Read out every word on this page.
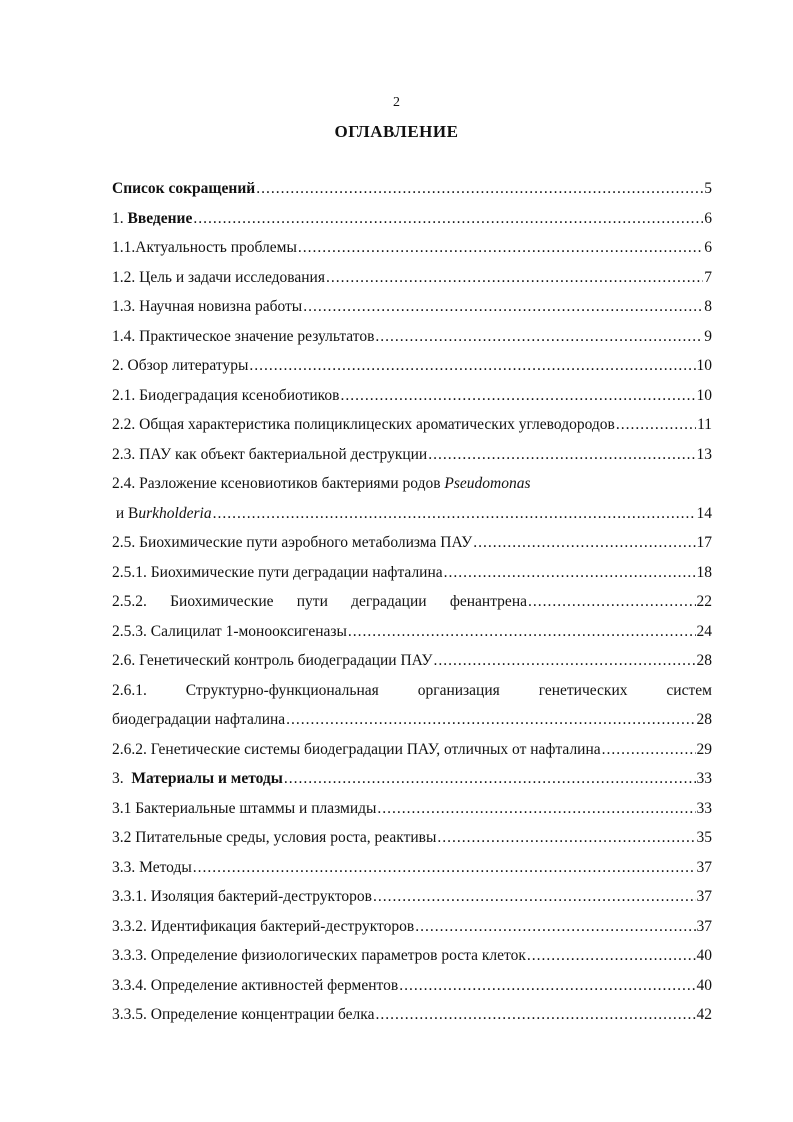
2
ОГЛАВЛЕНИЕ
Список сокращений .....	5
1. Введение .....	6
1.1.Актуальность проблемы .....	6
1.2. Цель и задачи исследования .....	7
1.3. Научная новизна работы .....	8
1.4. Практическое значение результатов .....	9
2. Обзор литературы .....	10
2.1. Биодеградация ксенобиотиков .....	10
2.2. Общая характеристика полициклицеских ароматических углеводородов .....	11
2.3. ПАУ как объект бактериальной деструкции .....	13
2.4. Разложение ксеновиотиков бактериями родов Pseudomonas
и Burkholderia .....	14
2.5. Биохимические пути аэробного метаболизма ПАУ .....	17
2.5.1. Биохимические пути деградации нафталина .....	18
2.5.2. Биохимические пути деградации фенантрена .....	22
2.5.3. Салицилат 1-монооксигеназы .....	24
2.6. Генетический контроль биодеградации ПАУ .....	28
2.6.1.	Структурно-функциональная	организация	генетических	систем
биодеградации нафталина .....	28
2.6.2. Генетические системы биодеградации ПАУ, отличных от нафталина .....	29
3. Материалы и методы .....	33
3.1 Бактериальные штаммы и плазмиды .....	33
3.2 Питательные среды, условия роста, реактивы .....	35
3.3. Методы .....	37
3.3.1. Изоляция бактерий-деструкторов .....	37
3.3.2. Идентификация бактерий-деструкторов .....	37
3.3.3. Определение физиологических параметров роста клеток .....	40
3.3.4. Определение активностей ферментов .....	40
3.3.5. Определение концентрации белка .....	42
